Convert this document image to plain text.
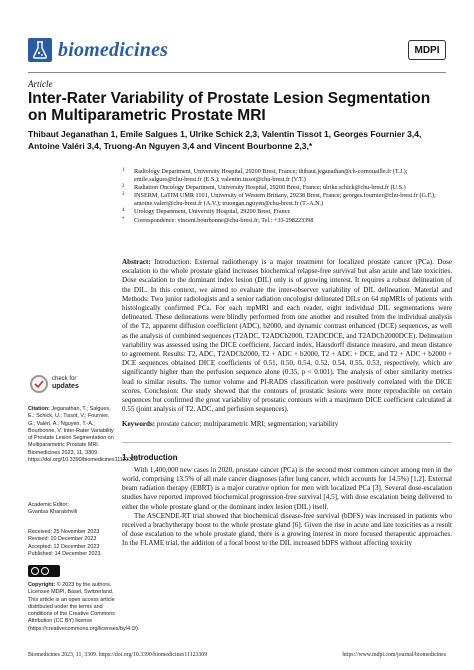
biomedicines	MDPI
Article
Inter-Rater Variability of Prostate Lesion Segmentation on Multiparametric Prostate MRI
Thibaut Jeganathan 1, Emile Salgues 1, Ulrike Schick 2,3, Valentin Tissot 1, Georges Fournier 3,4, Antoine Valéri 3,4, Truong-An Nguyen 3,4 and Vincent Bourbonne 2,3,*
1 Radiology Department, University Hospital, 29200 Brest, France; thibaut.jeganathan@ch-cornouaille.fr (T.J.); emile.salgues@chu-brest.fr (E.S.); valentin.tissot@chu-brest.fr (V.T.)
2 Radiation Oncology Department, University Hospital, 29200 Brest, France; ulrike.schick@chu-brest.fr (U.S.)
3 INSERM, LaTIM UMR 1101, University of Western Brittany, 29238 Brest, France; georges.fournier@chu-brest.fr (G.F.); antoine.valeri@chu-brest.fr (A.V.); truongan.nguyen@chu-brest.fr (T.-A.N.)
4 Urology Department, University Hospital, 29200 Brest, France
* Correspondence: vincent.bourbonne@chu-brest.fr; Tel.: +33-298223398
check for
updates
Citation: Jeganathan, T.; Salgues, E.; Schick, U.; Tissot, V.; Fournier, G.; Valéri, A.; Nguyen, T.-A.; Bourbonne, V. Inter-Rater Variability of Prostate Lesion Segmentation on Multiparametric Prostate MRI. Biomedicines 2023, 11, 3309. https://doi.org/10.3390/biomedicines11123309
Academic Editor:
Gvantsa Kharaishvili
Received: 25 November 2023
Revised: 10 December 2023
Accepted: 12 December 2023
Published: 14 December 2023
Copyright: © 2023 by the authors. Licensee MDPI, Basel, Switzerland. This article is an open access article distributed under the terms and conditions of the Creative Commons Attribution (CC BY) license (https://creativecommons.org/licenses/by/4.0/).
Abstract: Introduction: External radiotherapy is a major treatment for localized prostate cancer (PCa). Dose escalation to the whole prostate gland increases biochemical relapse-free survival but also acute and late toxicities. Dose escalation to the dominant index lesion (DIL) only is of growing interest. It requires a robust delineation of the DIL. In this context, we aimed to evaluate the inter-observer variability of DIL delineation. Material and Methods: Two junior radiologists and a senior radiation oncologist delineated DILs on 64 mpMRIs of patients with histologically confirmed PCa. For each mpMRI and each reader, eight individual DIL segmentations were delineated. These delineations were blindly performed from one another and resulted from the individual analysis of the T2, apparent diffusion coefficient (ADC), b2000, and dynamic contrast enhanced (DCE) sequences, as well as the analysis of combined sequences (T2ADC, T2ADCb2000, T2ADCDCE, and T2ADCb2000DCE). Delineation variability was assessed using the DICE coefficient, Jaccard index, Hausdorff distance measure, and mean distance to agreement. Results: T2, ADC, T2ADCb2000, T2 + ADC + b2000, T2 + ADC + DCE, and T2 + ADC + b2000 + DCE sequences obtained DICE coefficients of 0.51, 0.50, 0.54, 0.52, 0.54, 0.55, 0.53, respectively, which are significantly higher than the perfusion sequence alone (0.35, p < 0.001). The analysis of other similarity metrics lead to similar results. The tumor volume and PI-RADS classification were positively correlated with the DICE scores. Conclusion: Our study showed that the contours of prostatic lesions were more reproducible on certain sequences but confirmed the great variability of prostatic contours with a maximum DICE coefficient calculated at 0.55 (joint analysis of T2, ADC, and perfusion sequences).
Keywords: prostate cancer; multiparametric MRI; segmentation; variability
1. Introduction

With 1,400,000 new cases in 2020, prostate cancer (PCa) is the second most common cancer among men in the world, comprising 13.5% of all male cancer diagnoses (after lung cancer, which accounts for 14.5%) [1,2]. External beam radiation therapy (EBRT) is a major curative option for men with localized PCa [3]. Several dose-escalation studies have reported improved biochemical progression-free survival [4,5], with dose escalation being delivered to either the whole prostate gland or the dominant index lesion (DIL) itself.

The ASCENDE-RT trial showed that biochemical disease-free survival (bDFS) was increased in patients who received a brachytherapy boost to the whole prostate gland [6]. Given the rise in acute and late toxicities as a result of dose escalation to the whole prostate gland, there is a growing interest in more focused therapeutic approaches. In the FLAME trial, the addition of a focal boost to the DIL increased bDFS without affecting toxicity

Biomedicines 2023, 11, 3309. https://doi.org/10.3390/biomedicines11123309	https://www.mdpi.com/journal/biomedicines
